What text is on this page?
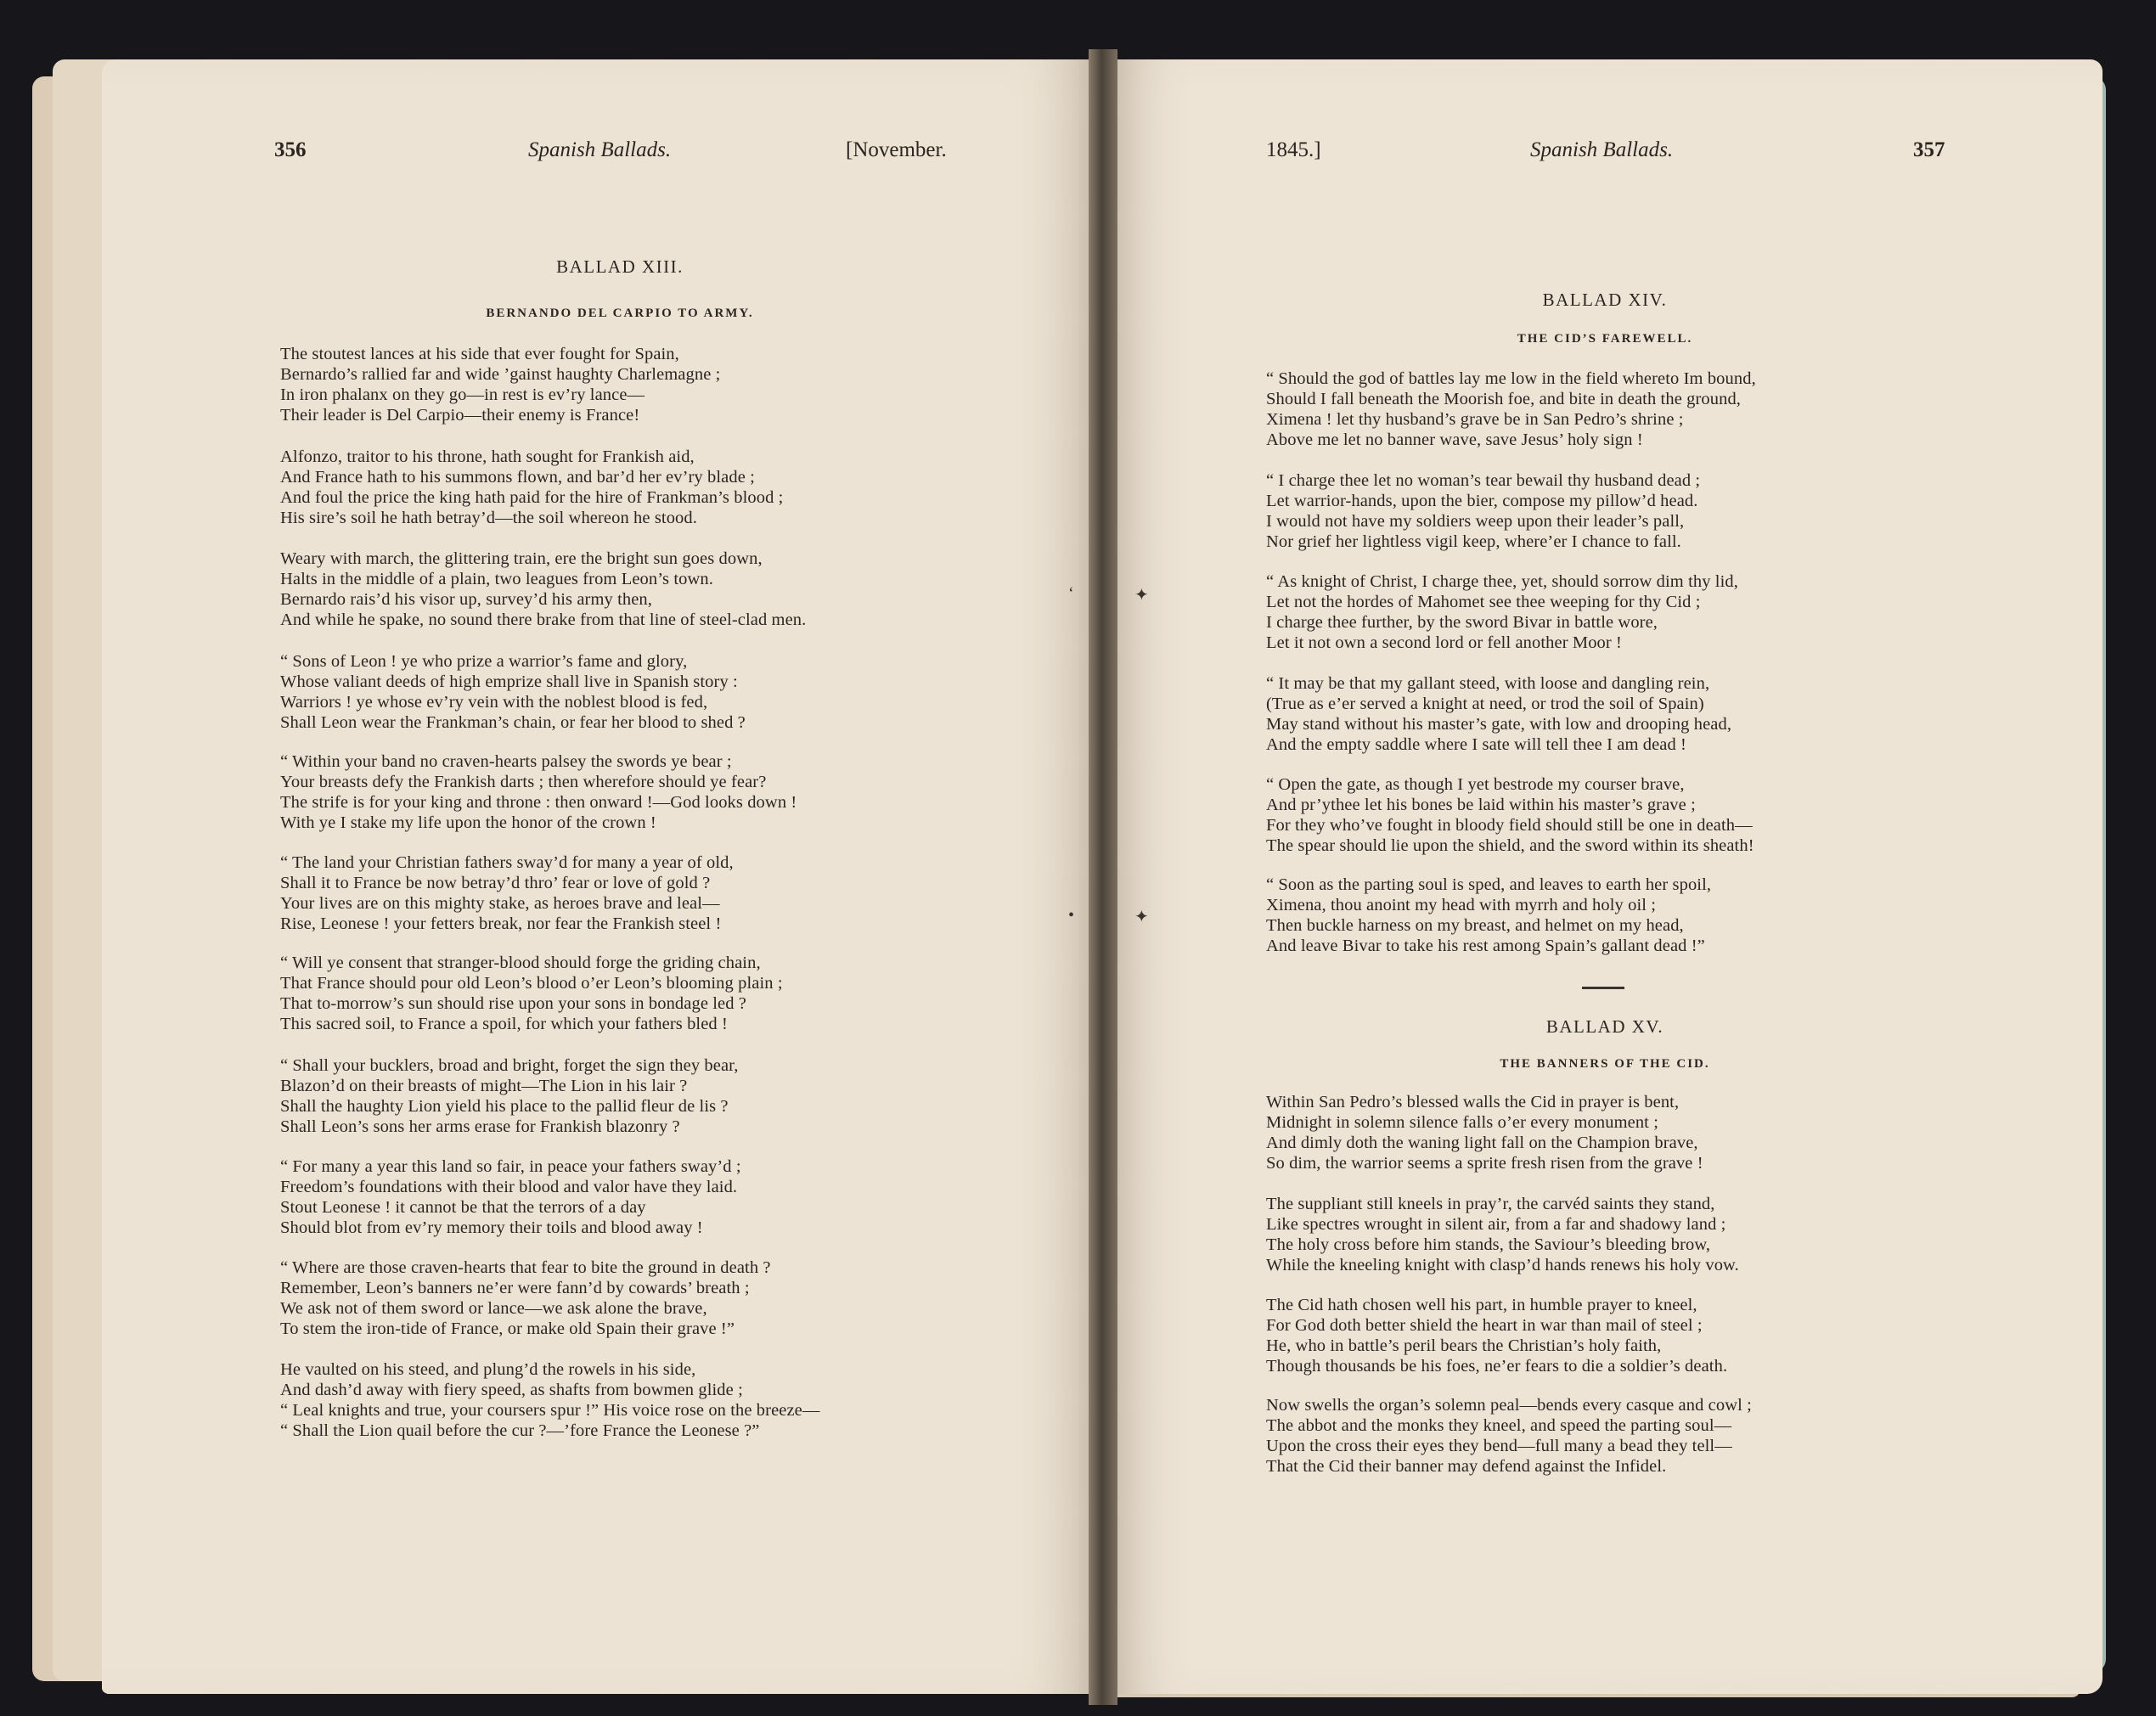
356	Spanish Ballads.	[November.
BALLAD XIII.
BERNANDO DEL CARPIO TO ARMY.
The stoutest lances at his side that ever fought for Spain,
Bernardo’s rallied far and wide ’gainst haughty Charlemagne ;
In iron phalanx on they go—in rest is ev’ry lance—
Their leader is Del Carpio—their enemy is France!
Alfonzo, traitor to his throne, hath sought for Frankish aid,
And France hath to his summons flown, and bar’d her ev’ry blade ;
And foul the price the king hath paid for the hire of Frankman’s blood ;
His sire’s soil he hath betray’d—the soil whereon he stood.
Weary with march, the glittering train, ere the bright sun goes down,
Halts in the middle of a plain, two leagues from Leon’s town.
Bernardo rais’d his visor up, survey’d his army then,
And while he spake, no sound there brake from that line of steel-clad men.
“ Sons of Leon ! ye who prize a warrior’s fame and glory,
Whose valiant deeds of high emprize shall live in Spanish story :
Warriors ! ye whose ev’ry vein with the noblest blood is fed,
Shall Leon wear the Frankman’s chain, or fear her blood to shed ?
“ Within your band no craven-hearts palsey the swords ye bear ;
Your breasts defy the Frankish darts ; then wherefore should ye fear?
The strife is for your king and throne : then onward !—God looks down !
With ye I stake my life upon the honor of the crown !
“ The land your Christian fathers sway’d for many a year of old,
Shall it to France be now betray’d thro’ fear or love of gold ?
Your lives are on this mighty stake, as heroes brave and leal—
Rise, Leonese ! your fetters break, nor fear the Frankish steel !
“ Will ye consent that stranger-blood should forge the griding chain,
That France should pour old Leon’s blood o’er Leon’s blooming plain ;
That to-morrow’s sun should rise upon your sons in bondage led ?
This sacred soil, to France a spoil, for which your fathers bled !
“ Shall your bucklers, broad and bright, forget the sign they bear,
Blazon’d on their breasts of might—The Lion in his lair ?
Shall the haughty Lion yield his place to the pallid fleur de lis ?
Shall Leon’s sons her arms erase for Frankish blazonry ?
“ For many a year this land so fair, in peace your fathers sway’d ;
Freedom’s foundations with their blood and valor have they laid.
Stout Leonese ! it cannot be that the terrors of a day
Should blot from ev’ry memory their toils and blood away !
“ Where are those craven-hearts that fear to bite the ground in death ?
Remember, Leon’s banners ne’er were fann’d by cowards’ breath ;
We ask not of them sword or lance—we ask alone the brave,
To stem the iron-tide of France, or make old Spain their grave !”
He vaulted on his steed, and plung’d the rowels in his side,
And dash’d away with fiery speed, as shafts from bowmen glide ;
“ Leal knights and true, your coursers spur !” His voice rose on the breeze—
“ Shall the Lion quail before the cur ?—’fore France the Leonese ?”
1845.]	Spanish Ballads.	357
BALLAD XIV.
THE CID’S FAREWELL.
“ Should the god of battles lay me low in the field whereto Im bound,
Should I fall beneath the Moorish foe, and bite in death the ground,
Ximena ! let thy husband’s grave be in San Pedro’s shrine ;
Above me let no banner wave, save Jesus’ holy sign !
“ I charge thee let no woman’s tear bewail thy husband dead ;
Let warrior-hands, upon the bier, compose my pillow’d head.
I would not have my soldiers weep upon their leader’s pall,
Nor grief her lightless vigil keep, where’er I chance to fall.
“ As knight of Christ, I charge thee, yet, should sorrow dim thy lid,
Let not the hordes of Mahomet see thee weeping for thy Cid ;
I charge thee further, by the sword Bivar in battle wore,
Let it not own a second lord or fell another Moor !
“ It may be that my gallant steed, with loose and dangling rein,
(True as e’er served a knight at need, or trod the soil of Spain)
May stand without his master’s gate, with low and drooping head,
And the empty saddle where I sate will tell thee I am dead !
“ Open the gate, as though I yet bestrode my courser brave,
And pr’ythee let his bones be laid within his master’s grave ;
For they who’ve fought in bloody field should still be one in death—
The spear should lie upon the shield, and the sword within its sheath!
“ Soon as the parting soul is sped, and leaves to earth her spoil,
Ximena, thou anoint my head with myrrh and holy oil ;
Then buckle harness on my breast, and helmet on my head,
And leave Bivar to take his rest among Spain’s gallant dead !”
BALLAD XV.
THE BANNERS OF THE CID.
Within San Pedro’s blessed walls the Cid in prayer is bent,
Midnight in solemn silence falls o’er every monument ;
And dimly doth the waning light fall on the Champion brave,
So dim, the warrior seems a sprite fresh risen from the grave !
The suppliant still kneels in pray’r, the carvéd saints they stand,
Like spectres wrought in silent air, from a far and shadowy land ;
The holy cross before him stands, the Saviour’s bleeding brow,
While the kneeling knight with clasp’d hands renews his holy vow.
The Cid hath chosen well his part, in humble prayer to kneel,
For God doth better shield the heart in war than mail of steel ;
He, who in battle’s peril bears the Christian’s holy faith,
Though thousands be his foes, ne’er fears to die a soldier’s death.
Now swells the organ’s solemn peal—bends every casque and cowl ;
The abbot and the monks they kneel, and speed the parting soul—
Upon the cross their eyes they bend—full many a bead they tell—
That the Cid their banner may defend against the Infidel.
‘	✦
•	✦
